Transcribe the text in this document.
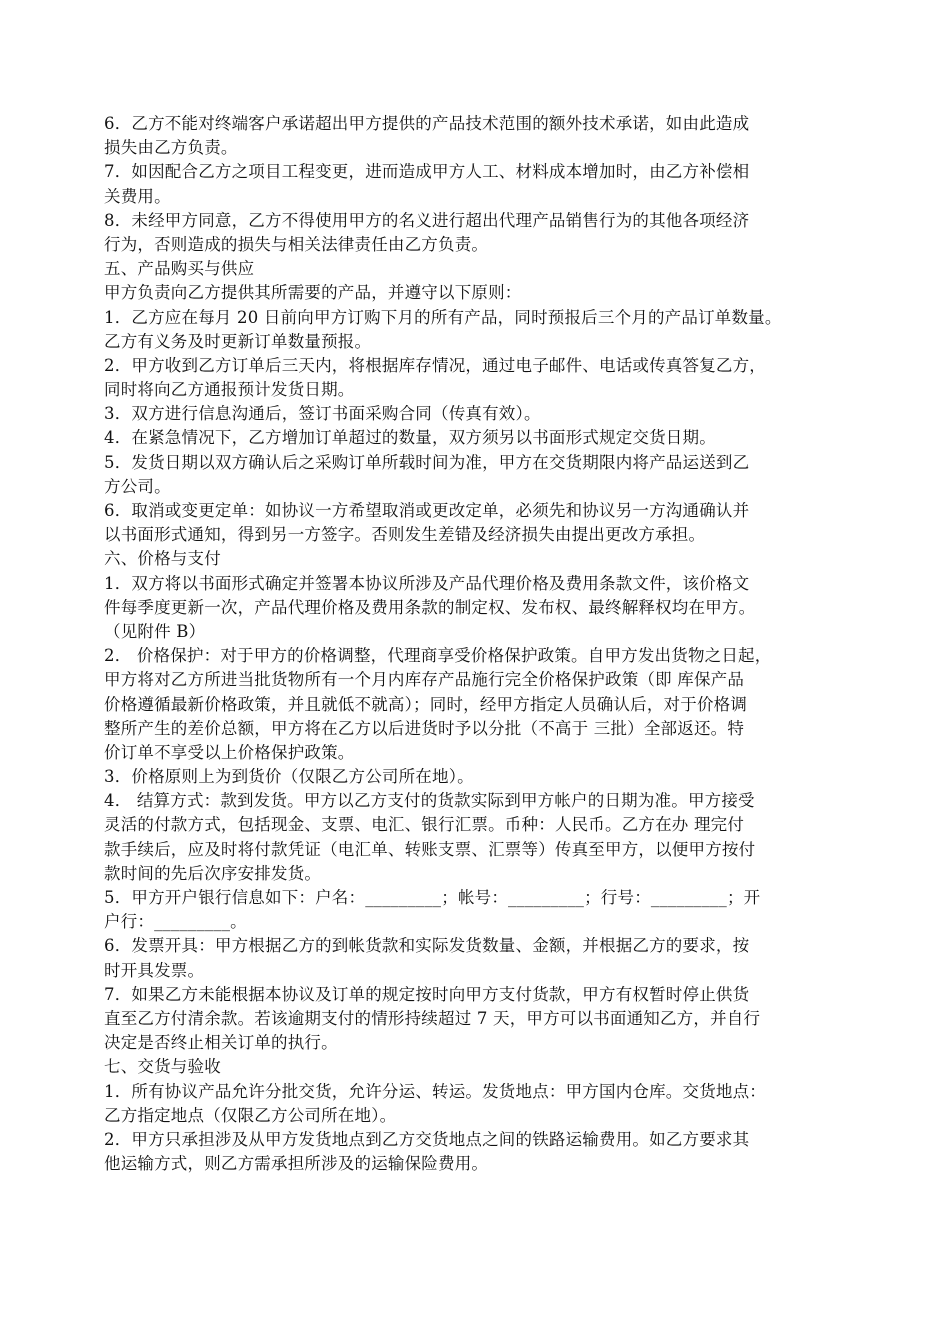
6．乙方不能对终端客户承诺超出甲方提供的产品技术范围的额外技术承诺，如由此造成
损失由乙方负责。
7．如因配合乙方之项目工程变更，进而造成甲方人工、材料成本增加时，由乙方补偿相
关费用。
8．未经甲方同意，乙方不得使用甲方的名义进行超出代理产品销售行为的其他各项经济
行为，否则造成的损失与相关法律责任由乙方负责。
五、产品购买与供应
甲方负责向乙方提供其所需要的产品，并遵守以下原则：
1．乙方应在每月 20 日前向甲方订购下月的所有产品，同时预报后三个月的产品订单数量。
乙方有义务及时更新订单数量预报。
2．甲方收到乙方订单后三天内，将根据库存情况，通过电子邮件、电话或传真答复乙方，
同时将向乙方通报预计发货日期。
3．双方进行信息沟通后，签订书面采购合同（传真有效）。
4．在紧急情况下，乙方增加订单超过的数量，双方须另以书面形式规定交货日期。
5．发货日期以双方确认后之采购订单所载时间为准，甲方在交货期限内将产品运送到乙
方公司。
6．取消或变更定单：如协议一方希望取消或更改定单，必须先和协议另一方沟通确认并
以书面形式通知，得到另一方签字。否则发生差错及经济损失由提出更改方承担。
六、价格与支付
1．双方将以书面形式确定并签署本协议所涉及产品代理价格及费用条款文件，该价格文
件每季度更新一次，产品代理价格及费用条款的制定权、发布权、最终解释权均在甲方。
（见附件 B）
2． 价格保护：对于甲方的价格调整，代理商享受价格保护政策。自甲方发出货物之日起，
甲方将对乙方所进当批货物所有一个月内库存产品施行完全价格保护政策（即 库保产品
价格遵循最新价格政策，并且就低不就高）；同时，经甲方指定人员确认后，对于价格调
整所产生的差价总额，甲方将在乙方以后进货时予以分批（不高于 三批）全部返还。特
价订单不享受以上价格保护政策。
3．价格原则上为到货价（仅限乙方公司所在地）。
4． 结算方式：款到发货。甲方以乙方支付的货款实际到甲方帐户的日期为准。甲方接受
灵活的付款方式，包括现金、支票、电汇、银行汇票。币种：人民币。乙方在办 理完付
款手续后，应及时将付款凭证（电汇单、转账支票、汇票等）传真至甲方，以便甲方按付
款时间的先后次序安排发货。
5．甲方开户银行信息如下：户名：_________；帐号：_________；行号：_________；开
户行：_________。
6．发票开具：甲方根据乙方的到帐货款和实际发货数量、金额，并根据乙方的要求，按
时开具发票。
7．如果乙方未能根据本协议及订单的规定按时向甲方支付货款，甲方有权暂时停止供货
直至乙方付清余款。若该逾期支付的情形持续超过 7 天，甲方可以书面通知乙方，并自行
决定是否终止相关订单的执行。
七、交货与验收
1．所有协议产品允许分批交货，允许分运、转运。发货地点：甲方国内仓库。交货地点：
乙方指定地点（仅限乙方公司所在地）。
2．甲方只承担涉及从甲方发货地点到乙方交货地点之间的铁路运输费用。如乙方要求其
他运输方式，则乙方需承担所涉及的运输保险费用。
